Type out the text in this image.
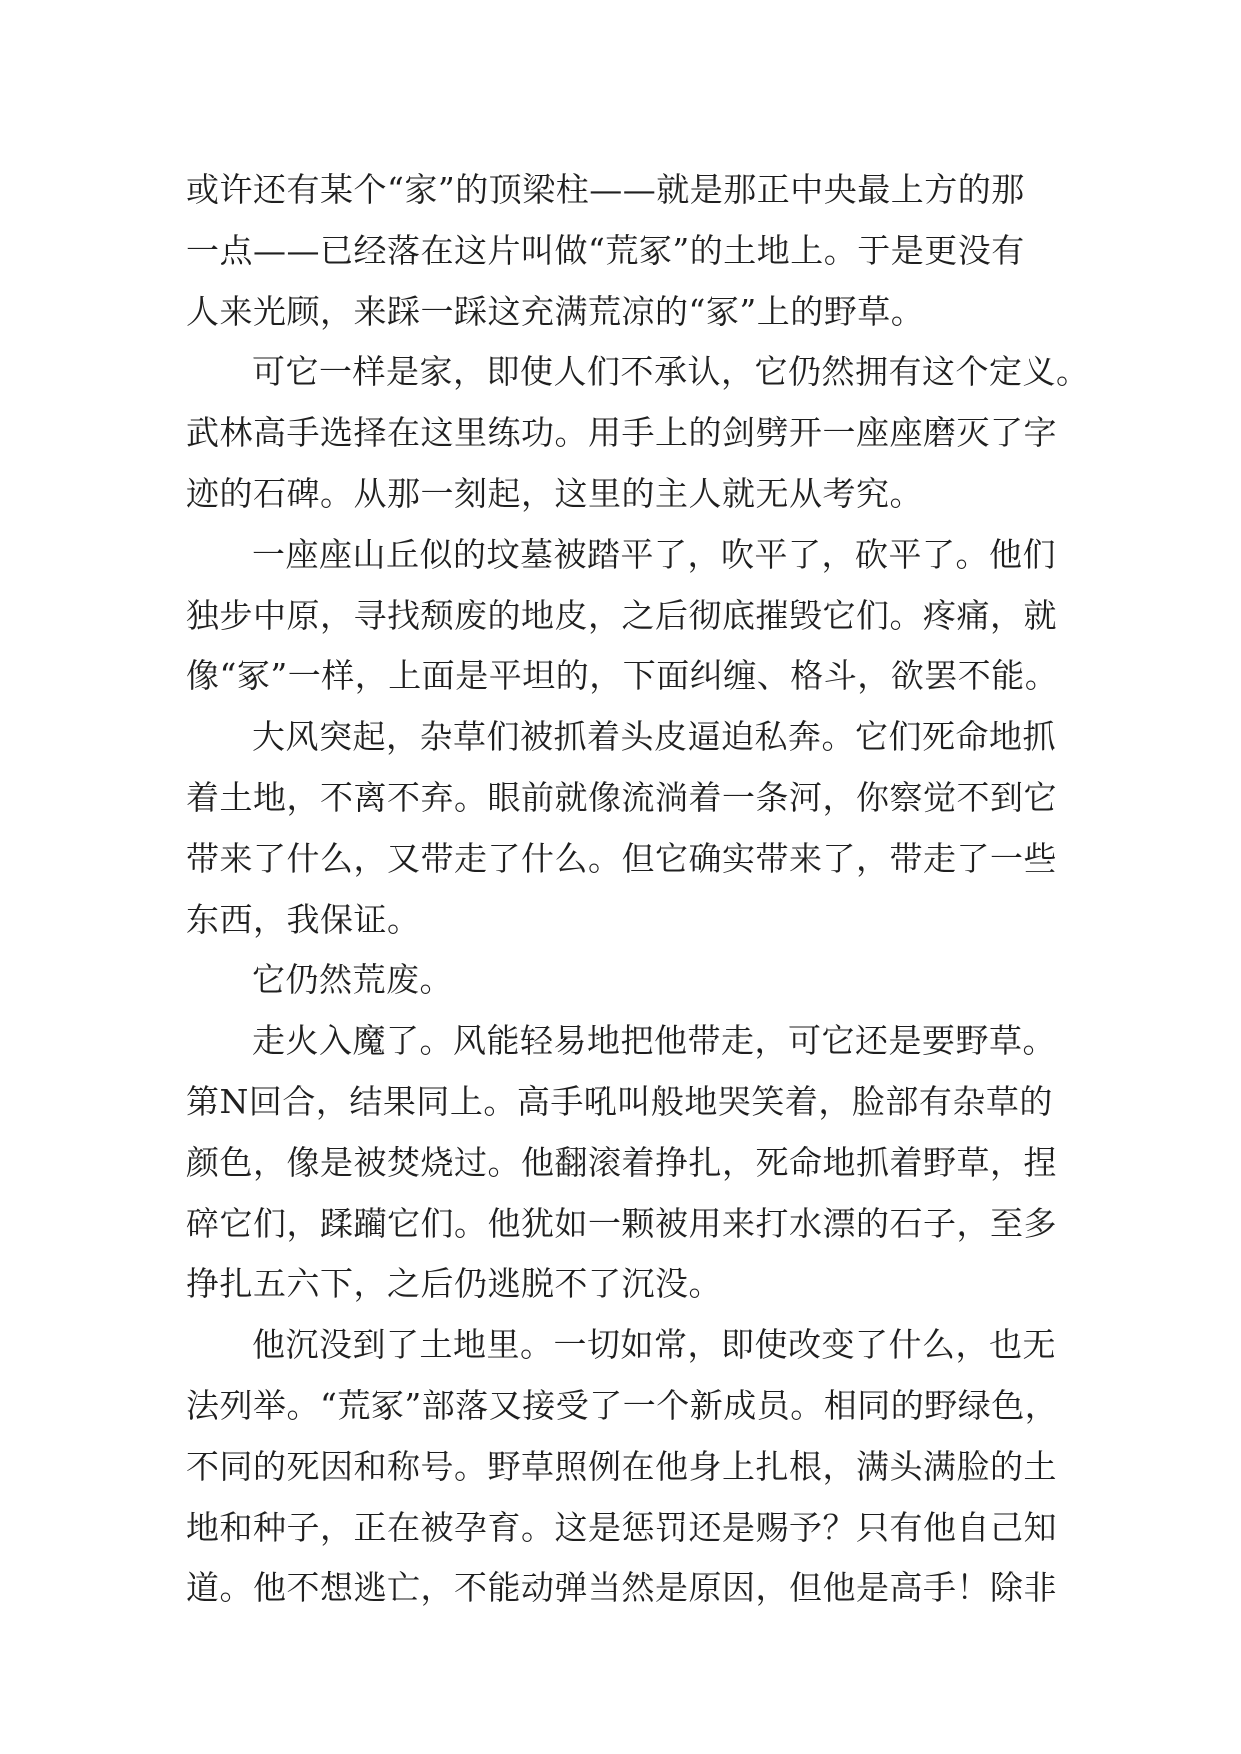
或许还有某个“家”的顶梁柱——就是那正中央最上方的那
一点——已经落在这片叫做“荒冢”的土地上。于是更没有
人来光顾，来踩一踩这充满荒凉的“冢”上的野草。
可它一样是家，即使人们不承认，它仍然拥有这个定义。
武林高手选择在这里练功。用手上的剑劈开一座座磨灭了字
迹的石碑。从那一刻起，这里的主人就无从考究。
一座座山丘似的坟墓被踏平了，吹平了，砍平了。他们
独步中原，寻找颓废的地皮，之后彻底摧毁它们。疼痛，就
像“冢”一样，上面是平坦的，下面纠缠、格斗，欲罢不能。
大风突起，杂草们被抓着头皮逼迫私奔。它们死命地抓
着土地，不离不弃。眼前就像流淌着一条河，你察觉不到它
带来了什么，又带走了什么。但它确实带来了，带走了一些
东西，我保证。
它仍然荒废。
走火入魔了。风能轻易地把他带走，可它还是要野草。
第N回合，结果同上。高手吼叫般地哭笑着，脸部有杂草的
颜色，像是被焚烧过。他翻滚着挣扎，死命地抓着野草，捏
碎它们，蹂躏它们。他犹如一颗被用来打水漂的石子，至多
挣扎五六下，之后仍逃脱不了沉没。
他沉没到了土地里。一切如常，即使改变了什么，也无
法列举。“荒冢”部落又接受了一个新成员。相同的野绿色，
不同的死因和称号。野草照例在他身上扎根，满头满脸的土
地和种子，正在被孕育。这是惩罚还是赐予？只有他自己知
道。他不想逃亡，不能动弹当然是原因，但他是高手！除非
